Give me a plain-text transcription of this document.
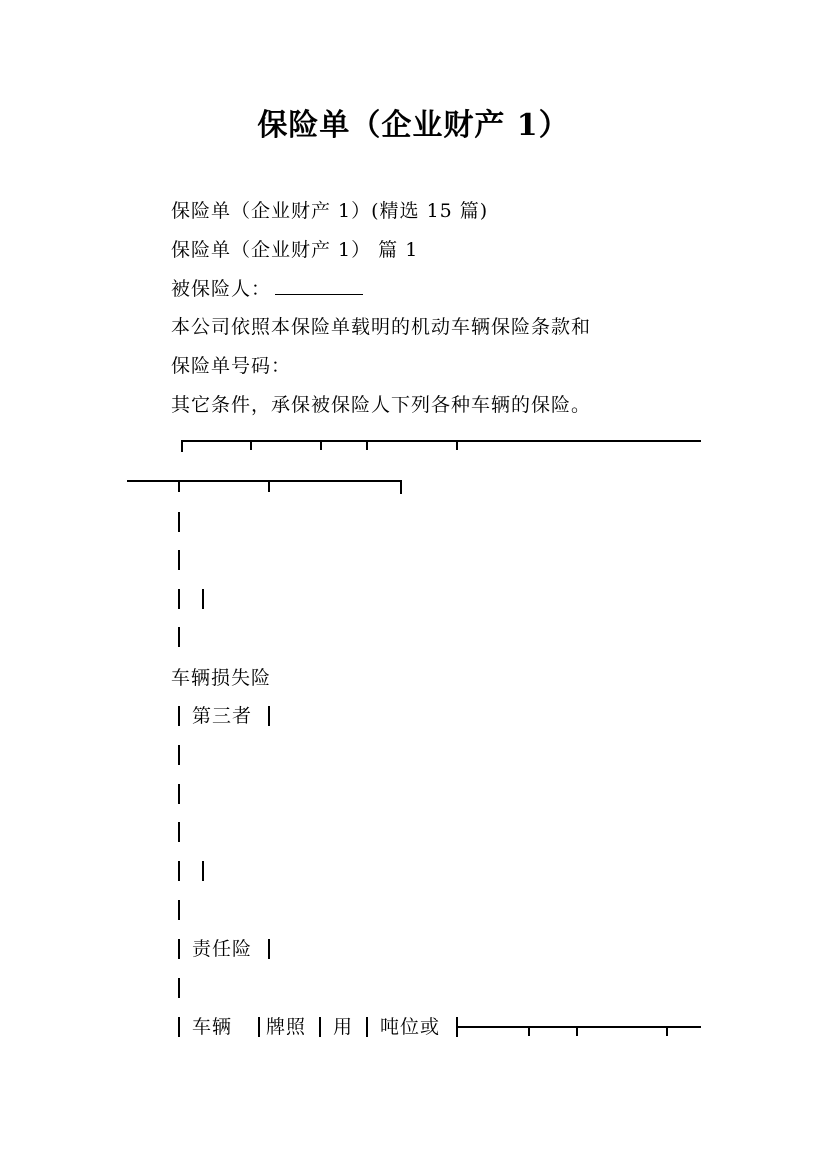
保险单（企业财产 1）
保险单（企业财产 1）(精选 15 篇)
保险单（企业财产 1） 篇 1
被保险人：
本公司依照本保险单载明的机动车辆保险条款和
保险单号码：
其它条件，承保被保险人下列各种车辆的保险。
车辆损失险
第三者
责任险
车辆 牌照 用 吨位或
